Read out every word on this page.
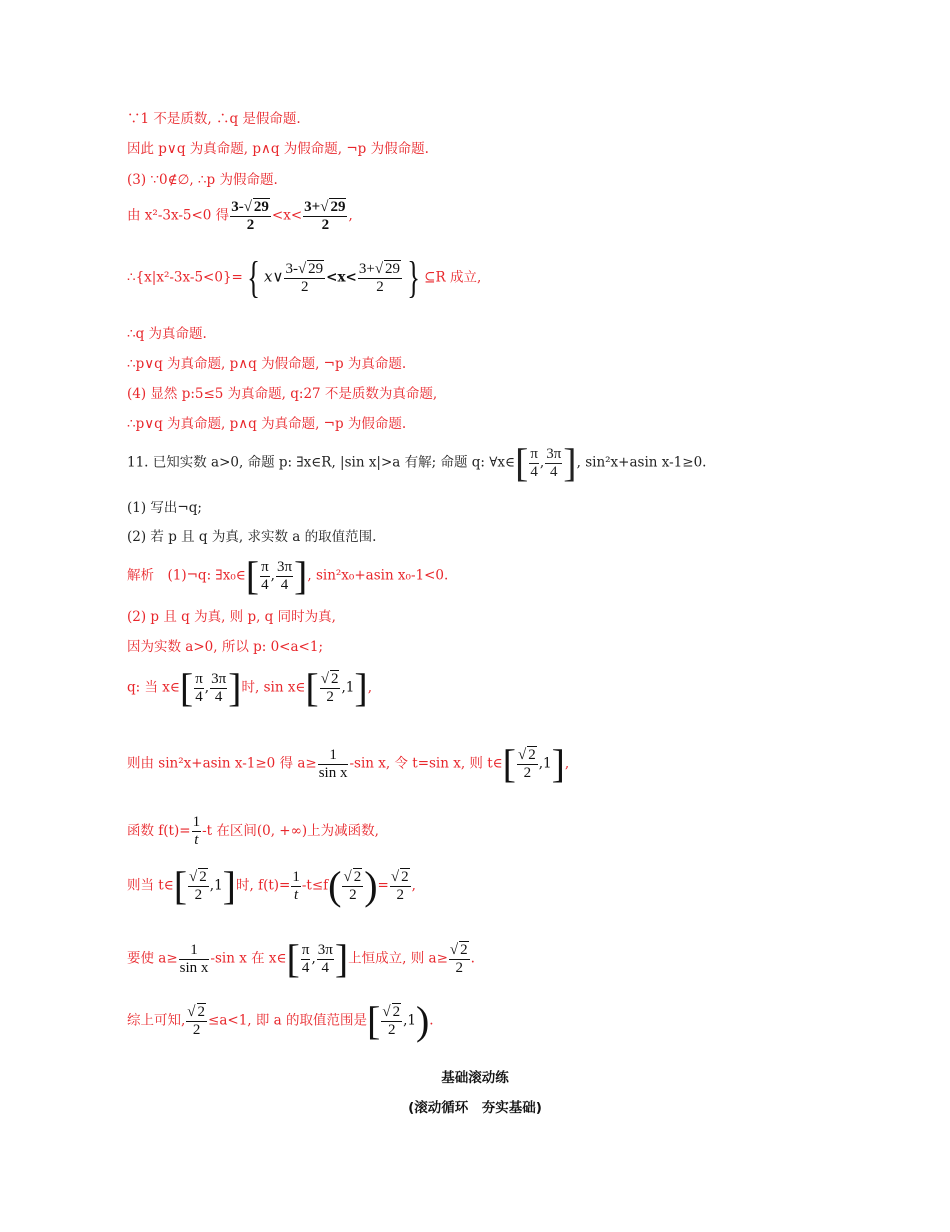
∵1 不是质数, ∴q 是假命题.
因此 p∨q 为真命题, p∧q 为假命题, ¬p 为假命题.
(3) ∵0∉∅, ∴p 为假命题.
由 x²-3x-5<0 得 $\frac{3-√ 29}{2} <x< \frac{3+√ 29}{2}$ ,
∴{x|x²-3x-5<0}={ x∨ $\frac{3-√ 29}{2} <x< \frac{3+√ 29}{2}$ } ⊆R 成立,
∴q 为真命题.
∴p∨q 为真命题, p∧q 为假命题, ¬p 为真命题.
(4) 显然 p:5≤5 为真命题, q:27 不是质数为真命题,
∴p∨q 为真命题, p∧q 为真命题, ¬p 为假命题.
11. 已知实数 a>0, 命题 p: ∃x∈R, |sin x|>a 有解; 命题 q: ∀x∈[ $\frac{\pi}{4}$ , $\frac{3\pi}{4}$ ], sin²x+asin x-1≥0.
(1) 写出¬q;
(2) 若 p 且 q 为真, 求实数 a 的取值范围.
解析　(1)¬q: ∃x₀∈[ $\frac{\pi}{4}$ , $\frac{3\pi}{4}$ ], sin²x₀+asin x₀-1<0.
(2) p 且 q 为真, 则 p, q 同时为真,
因为实数 a>0, 所以 p: 0<a<1;
q: 当 x∈[ $\frac{\pi}{4}$ , $\frac{3\pi}{4}$ ]时, sin x∈[ $\frac{√ 2}{2} ,1$],
则由 sin²x+asin x-1≥0 得 $a\ge \frac{1}{\text{sin x}} -\sin$ x, 令 t=sin x, 则 t∈[ $\frac{√ 2}{2} ,1$],
函数 $f(t)= \frac{1}{t} -t$ 在区间(0, +∞)上为减函数,
则当 t∈[ $\frac{√ 2}{2} ,1$]时, $f(t)= \frac{1}{t} -t\le f( \frac{√ 2}{2}$ )= $\frac{√ 2}{2}$ ,
要使 $a\ge \frac{1}{\text{sin x}} -\sin$ x 在 x∈[ $\frac{\pi}{4}$ , $\frac{3\pi}{4}$ ]上恒成立, 则 $a\ge \frac{√ 2}{2}$ .
综上可知, $\frac{√ 2}{2} \le a<1$, 即 a 的取值范围是[ $\frac{√ 2}{2} ,1$).
基础滚动练
(滚动循环　夯实基础)
